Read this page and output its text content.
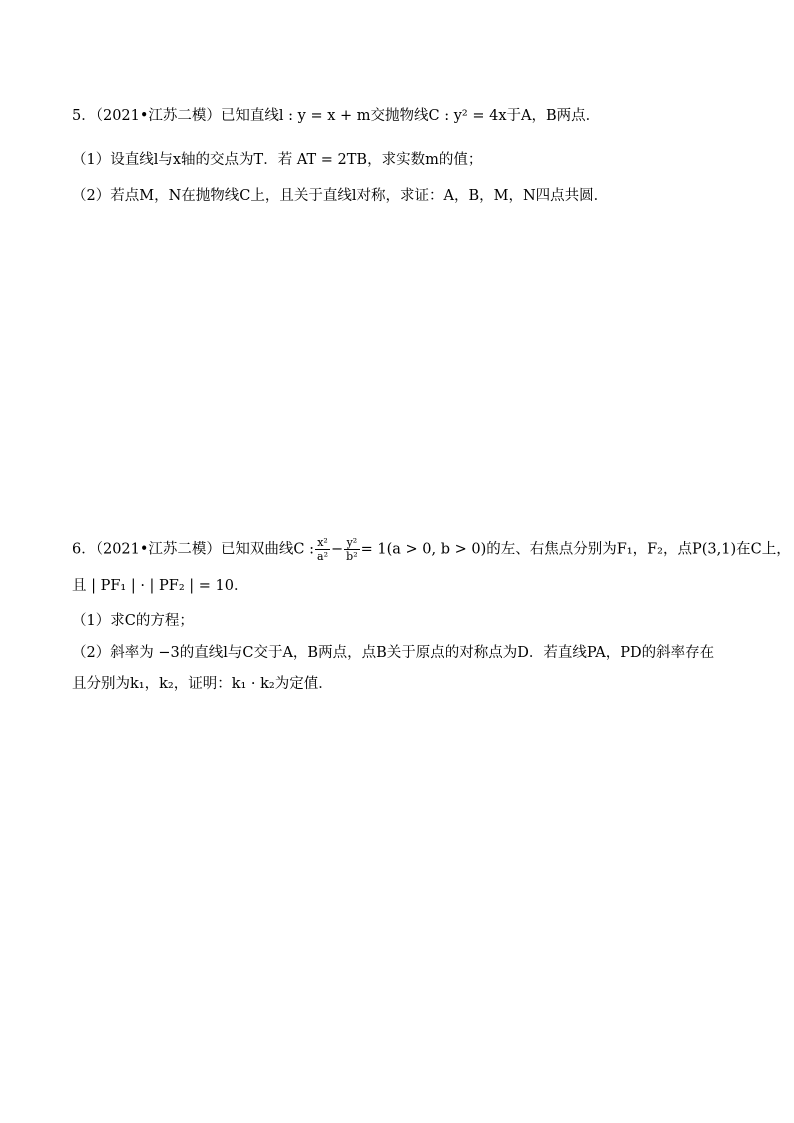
5．（2021•江苏二模）已知直线l : y = x + m交抛物线C : y² = 4x于A，B两点．
（1）设直线l与x轴的交点为T．若 AT = 2TB，求实数m的值；
（2）若点M，N在抛物线C上，且关于直线l对称，求证：A，B，M，N四点共圆．
6．（2021•江苏二模）已知双曲线C : $\frac{\text{x²}}{\text{a²}} - \frac{\text{y²}}{\text{b²}} = 1(a > 0$, b > 0)的左、右焦点分别为F₁，F₂，点P(3,1)在C上，
且 | PF₁ | · | PF₂ | = 10．
（1）求C的方程；
（2）斜率为 −3的直线l与C交于A，B两点，点B关于原点的对称点为D．若直线PA，PD的斜率存在
且分别为k₁，k₂，证明：k₁ · k₂为定值．
